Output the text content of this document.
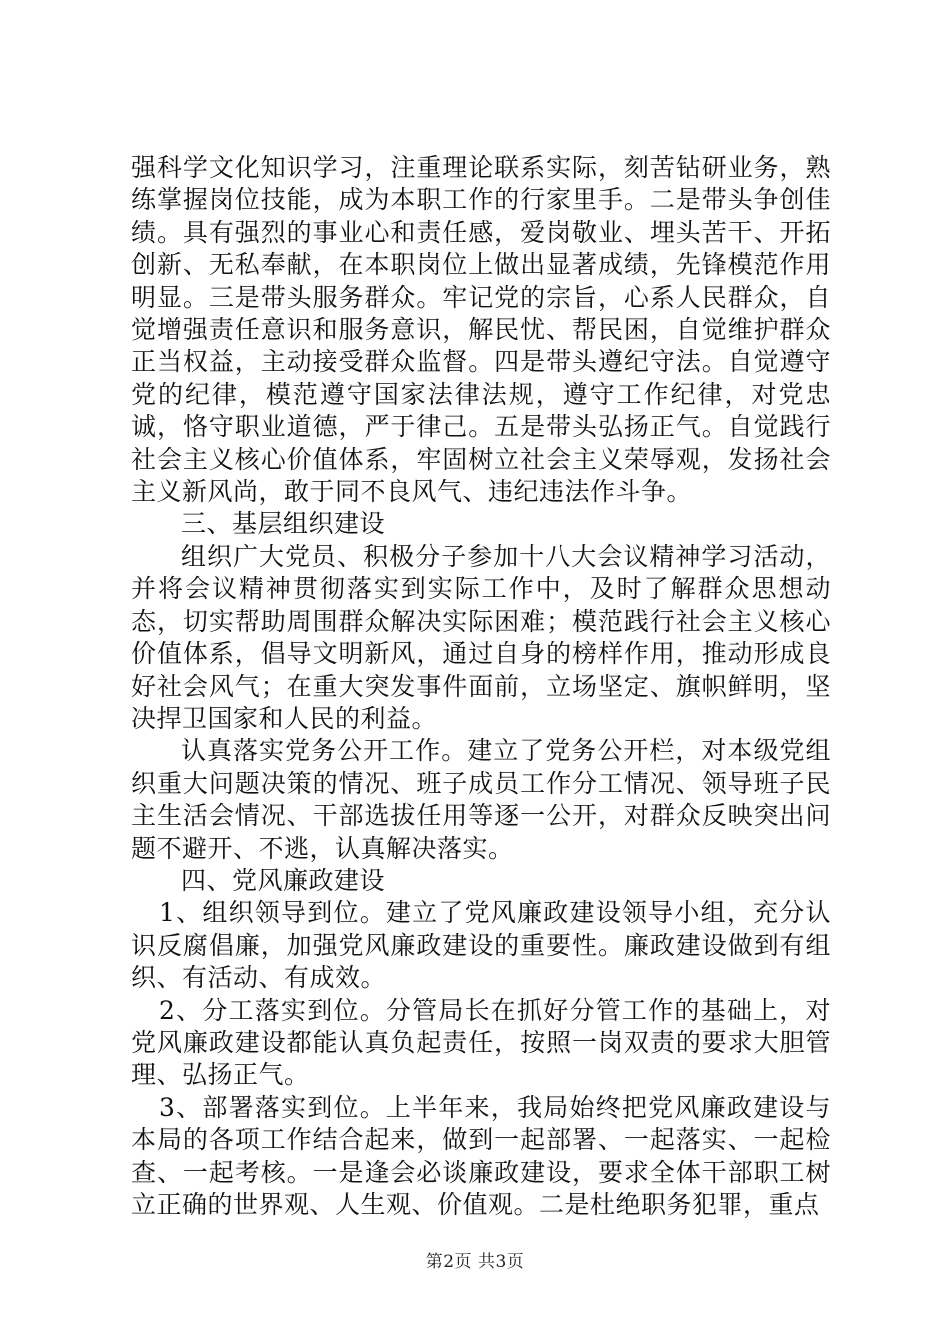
强科学文化知识学习，注重理论联系实际，刻苦钻研业务，熟练掌握岗位技能，成为本职工作的行家里手。二是带头争创佳绩。具有强烈的事业心和责任感，爱岗敬业、埋头苦干、开拓创新、无私奉献，在本职岗位上做出显著成绩，先锋模范作用明显。三是带头服务群众。牢记党的宗旨，心系人民群众，自觉增强责任意识和服务意识，解民忧、帮民困，自觉维护群众正当权益，主动接受群众监督。四是带头遵纪守法。自觉遵守党的纪律，模范遵守国家法律法规，遵守工作纪律，对党忠诚，恪守职业道德，严于律己。五是带头弘扬正气。自觉践行社会主义核心价值体系，牢固树立社会主义荣辱观，发扬社会主义新风尚，敢于同不良风气、违纪违法作斗争。

三、基层组织建设

组织广大党员、积极分子参加十八大会议精神学习活动，并将会议精神贯彻落实到实际工作中，及时了解群众思想动态，切实帮助周围群众解决实际困难；模范践行社会主义核心价值体系，倡导文明新风，通过自身的榜样作用，推动形成良好社会风气；在重大突发事件面前，立场坚定、旗帜鲜明，坚决捍卫国家和人民的利益。

认真落实党务公开工作。建立了党务公开栏，对本级党组织重大问题决策的情况、班子成员工作分工情况、领导班子民主生活会情况、干部选拔任用等逐一公开，对群众反映突出问题不避开、不逃，认真解决落实。

四、党风廉政建设

1、组织领导到位。建立了党风廉政建设领导小组，充分认识反腐倡廉，加强党风廉政建设的重要性。廉政建设做到有组织、有活动、有成效。

2、分工落实到位。分管局长在抓好分管工作的基础上，对党风廉政建设都能认真负起责任，按照一岗双责的要求大胆管理、弘扬正气。

3、部署落实到位。上半年来，我局始终把党风廉政建设与本局的各项工作结合起来，做到一起部署、一起落实、一起检查、一起考核。一是逢会必谈廉政建设，要求全体干部职工树立正确的世界观、人生观、价值观。二是杜绝职务犯罪，重点

第2页 共3页
